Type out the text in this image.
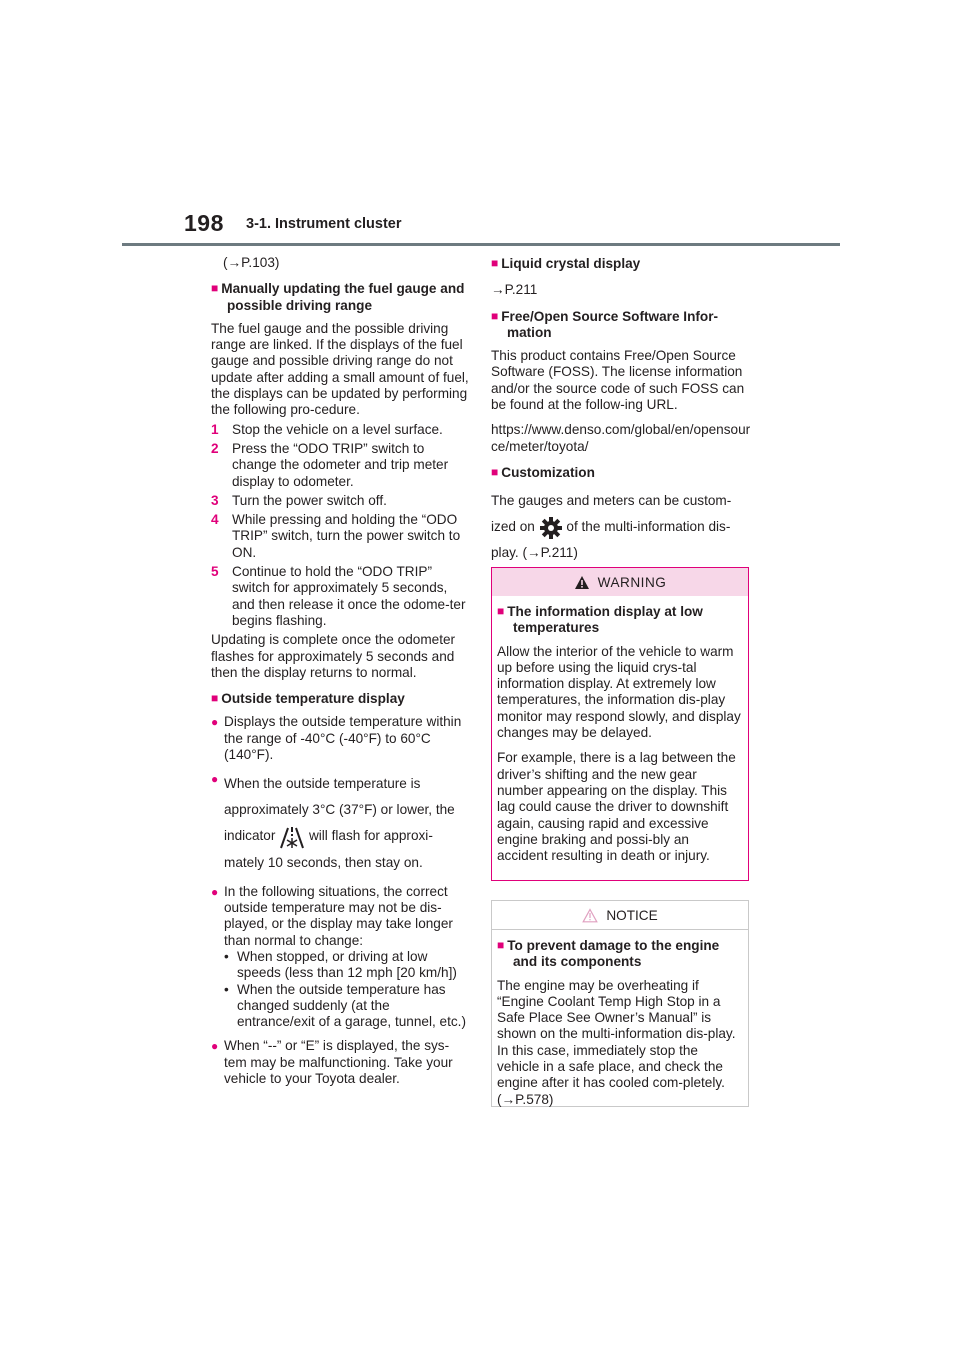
198 3-1. Instrument cluster

(→P.103)

■ Manually updating the fuel gauge and possible driving range

The fuel gauge and the possible driving range are linked. If the displays of the fuel gauge and possible driving range do not update after adding a small amount of fuel, the displays can be updated by performing the following pro-cedure.

1 Stop the vehicle on a level surface.
2 Press the “ODO TRIP” switch to change the odometer and trip meter display to odometer.
3 Turn the power switch off.
4 While pressing and holding the “ODO TRIP” switch, turn the power switch to ON.
5 Continue to hold the “ODO TRIP” switch for approximately 5 seconds, and then release it once the odome-ter begins flashing.

Updating is complete once the odometer flashes for approximately 5 seconds and then the display returns to normal.

■ Outside temperature display

● Displays the outside temperature within the range of -40°C (-40°F) to 60°C (140°F).
● When the outside temperature is approximately 3°C (37°F) or lower, the indicator will flash for approxi-mately 10 seconds, then stay on.
● In the following situations, the correct outside temperature may not be dis-played, or the display may take longer than normal to change:
• When stopped, or driving at low speeds (less than 12 mph [20 km/h])
• When the outside temperature has changed suddenly (at the entrance/exit of a garage, tunnel, etc.)
● When “--” or “E” is displayed, the sys-tem may be malfunctioning. Take your vehicle to your Toyota dealer.

■ Liquid crystal display

→P.211

■ Free/Open Source Software Infor-mation

This product contains Free/Open Source Software (FOSS). The license information and/or the source code of such FOSS can be found at the follow-ing URL.

https://www.denso.com/global/en/opensource/meter/toyota/

■ Customization

The gauges and meters can be custom-ized on of the multi-information dis-play. (→P.211)

WARNING

■ The information display at low temperatures

Allow the interior of the vehicle to warm up before using the liquid crys-tal information display. At extremely low temperatures, the information dis-play monitor may respond slowly, and display changes may be delayed.

For example, there is a lag between the driver’s shifting and the new gear number appearing on the display. This lag could cause the driver to downshift again, causing rapid and excessive engine braking and possi-bly an accident resulting in death or injury.

NOTICE

■ To prevent damage to the engine and its components

The engine may be overheating if “Engine Coolant Temp High Stop in a Safe Place See Owner’s Manual” is shown on the multi-information dis-play. In this case, immediately stop the vehicle in a safe place, and check the engine after it has cooled com-pletely. (→P.578)
